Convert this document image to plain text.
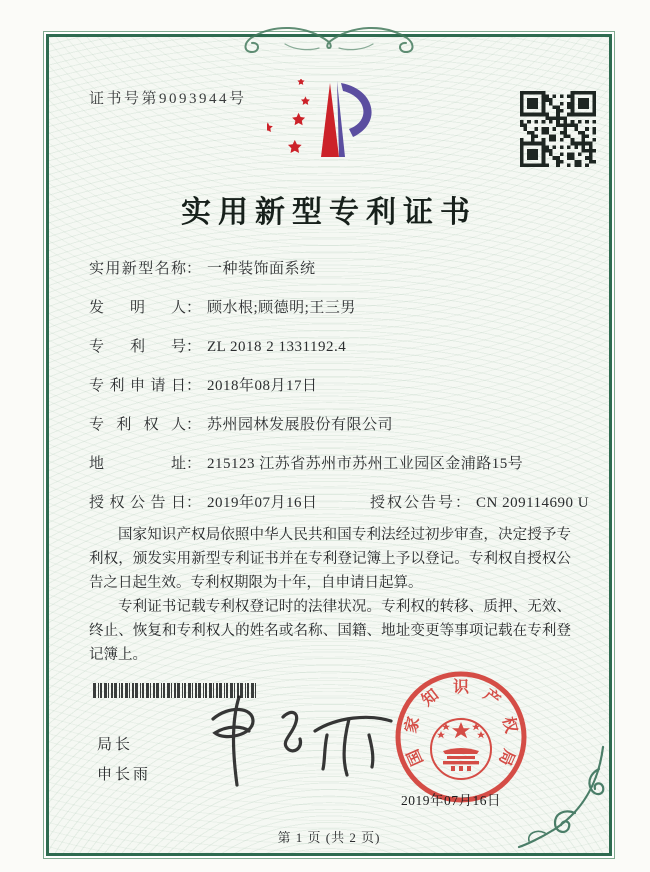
证书号第9093944号
实用新型专利证书
实用新型名称： 一种装饰面系统
发明人： 顾水根;顾德明;王三男
专利号： ZL 2018 2 1331192.4
专利申请日： 2018年08月17日
专利权人： 苏州园林发展股份有限公司
地址： 215123 江苏省苏州市苏州工业园区金浦路15号
授权公告日： 2019年07月16日	授权公告号： CN 209114690 U

国家知识产权局依照中华人民共和国专利法经过初步审查，决定授予专利权，颁发实用新型专利证书并在专利登记簿上予以登记。专利权自授权公告之日起生效。专利权期限为十年，自申请日起算。

专利证书记载专利权登记时的法律状况。专利权的转移、质押、无效、终止、恢复和专利权人的姓名或名称、国籍、地址变更等事项记载在专利登记簿上。

局长
申长雨
国
家
知 识 产
权
局
2019年07月16日
第 1 页 (共 2 页)
